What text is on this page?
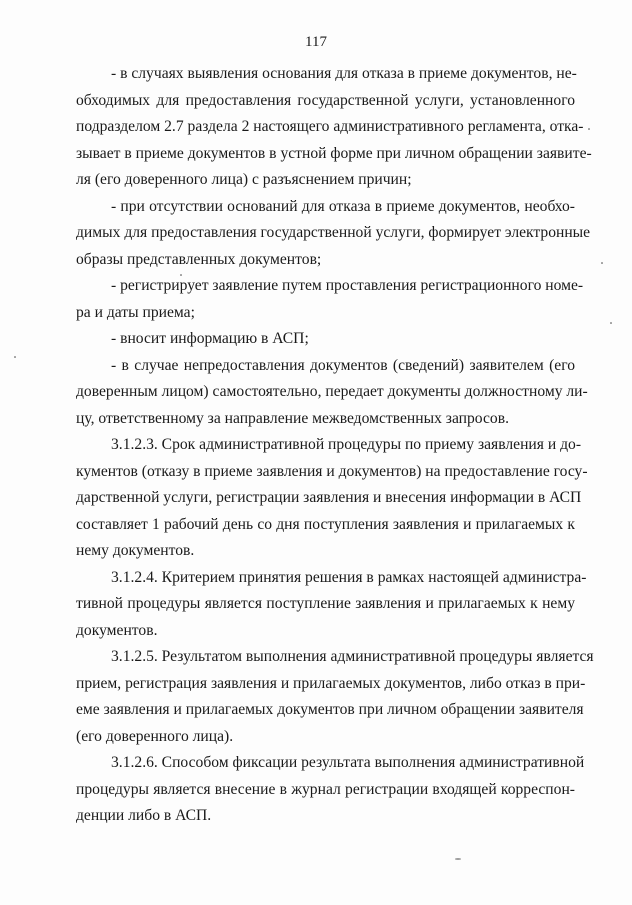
117
- в случаях выявления основания для отказа в приеме документов, не-
обходимых для предоставления государственной услуги, установленного
подразделом 2.7 раздела 2 настоящего административного регламента, отка-
зывает в приеме документов в устной форме при личном обращении заявите-
ля (его доверенного лица) с разъяснением причин;
- при отсутствии оснований для отказа в приеме документов, необхо-
димых для предоставления государственной услуги, формирует электронные
образы представленных документов;
- регистрирует заявление путем проставления регистрационного номе-
ра и даты приема;
- вносит информацию в АСП;
- в случае непредоставления документов (сведений) заявителем (его
доверенным лицом) самостоятельно, передает документы должностному ли-
цу, ответственному за направление межведомственных запросов.
3.1.2.3. Срок административной процедуры по приему заявления и до-
кументов (отказу в приеме заявления и документов) на предоставление госу-
дарственной услуги, регистрации заявления и внесения информации в АСП
составляет 1 рабочий день со дня поступления заявления и прилагаемых к
нему документов.
3.1.2.4. Критерием принятия решения в рамках настоящей администра-
тивной процедуры является поступление заявления и прилагаемых к нему
документов.
3.1.2.5. Результатом выполнения административной процедуры является
прием, регистрация заявления и прилагаемых документов, либо отказ в при-
еме заявления и прилагаемых документов при личном обращении заявителя
(его доверенного лица).
3.1.2.6. Способом фиксации результата выполнения административной
процедуры является внесение в журнал регистрации входящей корреспон-
денции либо в АСП.
